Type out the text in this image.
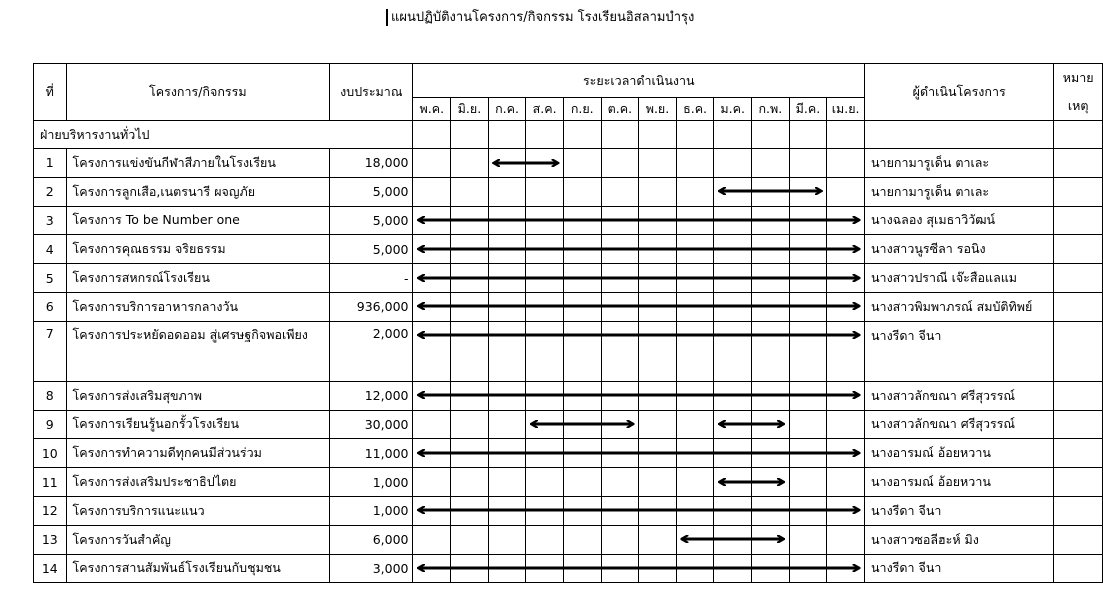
แผนปฏิบัติงานโครงการ/กิจกรรม โรงเรียนอิสลามบำรุง
ที่	โครงการ/กิจกรรม	งบประมาณ	ระยะเวลาดำเนินงาน												ผู้ดำเนินโครงการ	หมาย
เหตุ

			พ.ค.	มิ.ย.	ก.ค.	ส.ค.	ก.ย.	ต.ค.	พ.ย.	ธ.ค.	ม.ค.	ก.พ.	มี.ค.	เม.ย.		
ฝ่ายบริหารงานทั่วไป																
1	โครงการแข่งขันกีฬาสีภายในโรงเรียน	18,000													นายกามารูเด็น ตาเละ	
2	โครงการลูกเสือ,เนตรนารี ผจญภัย	5,000													นายกามารูเด็น ตาเละ	
3	โครงการ To be Number one	5,000													นางฉลอง สุเมธาวิวัฒน์	
4	โครงการคุณธรรม จริยธรรม	5,000													นางสาวนูรซีลา รอนิง	
5	โครงการสหกรณ์โรงเรียน	-													นางสาวปราณี เจ๊ะสือแลแม	
6	โครงการบริการอาหารกลางวัน	936,000													นางสาวพิมพาภรณ์ สมบัติทิพย์	
7	โครงการประหยัดอดออม สู่เศรษฐกิจพอเพียง	2,000													นางรีดา จีนา	
8	โครงการส่งเสริมสุขภาพ	12,000													นางสาวลักขณา ศรีสุวรรณ์	
9	โครงการเรียนรู้นอกรั้วโรงเรียน	30,000													นางสาวลักขณา ศรีสุวรรณ์	
10	โครงการทำความดีทุกคนมีส่วนร่วม	11,000													นางอารมณ์ อ้อยหวาน	
11	โครงการส่งเสริมประชาธิปไตย	1,000													นางอารมณ์ อ้อยหวาน	
12	โครงการบริการแนะแนว	1,000													นางรีดา จีนา	
13	โครงการวันสำคัญ	6,000													นางสาวซอลีฮะห์ มิง	
14	โครงการสานสัมพันธ์โรงเรียนกับชุมชน	3,000													นางรีดา จีนา	
